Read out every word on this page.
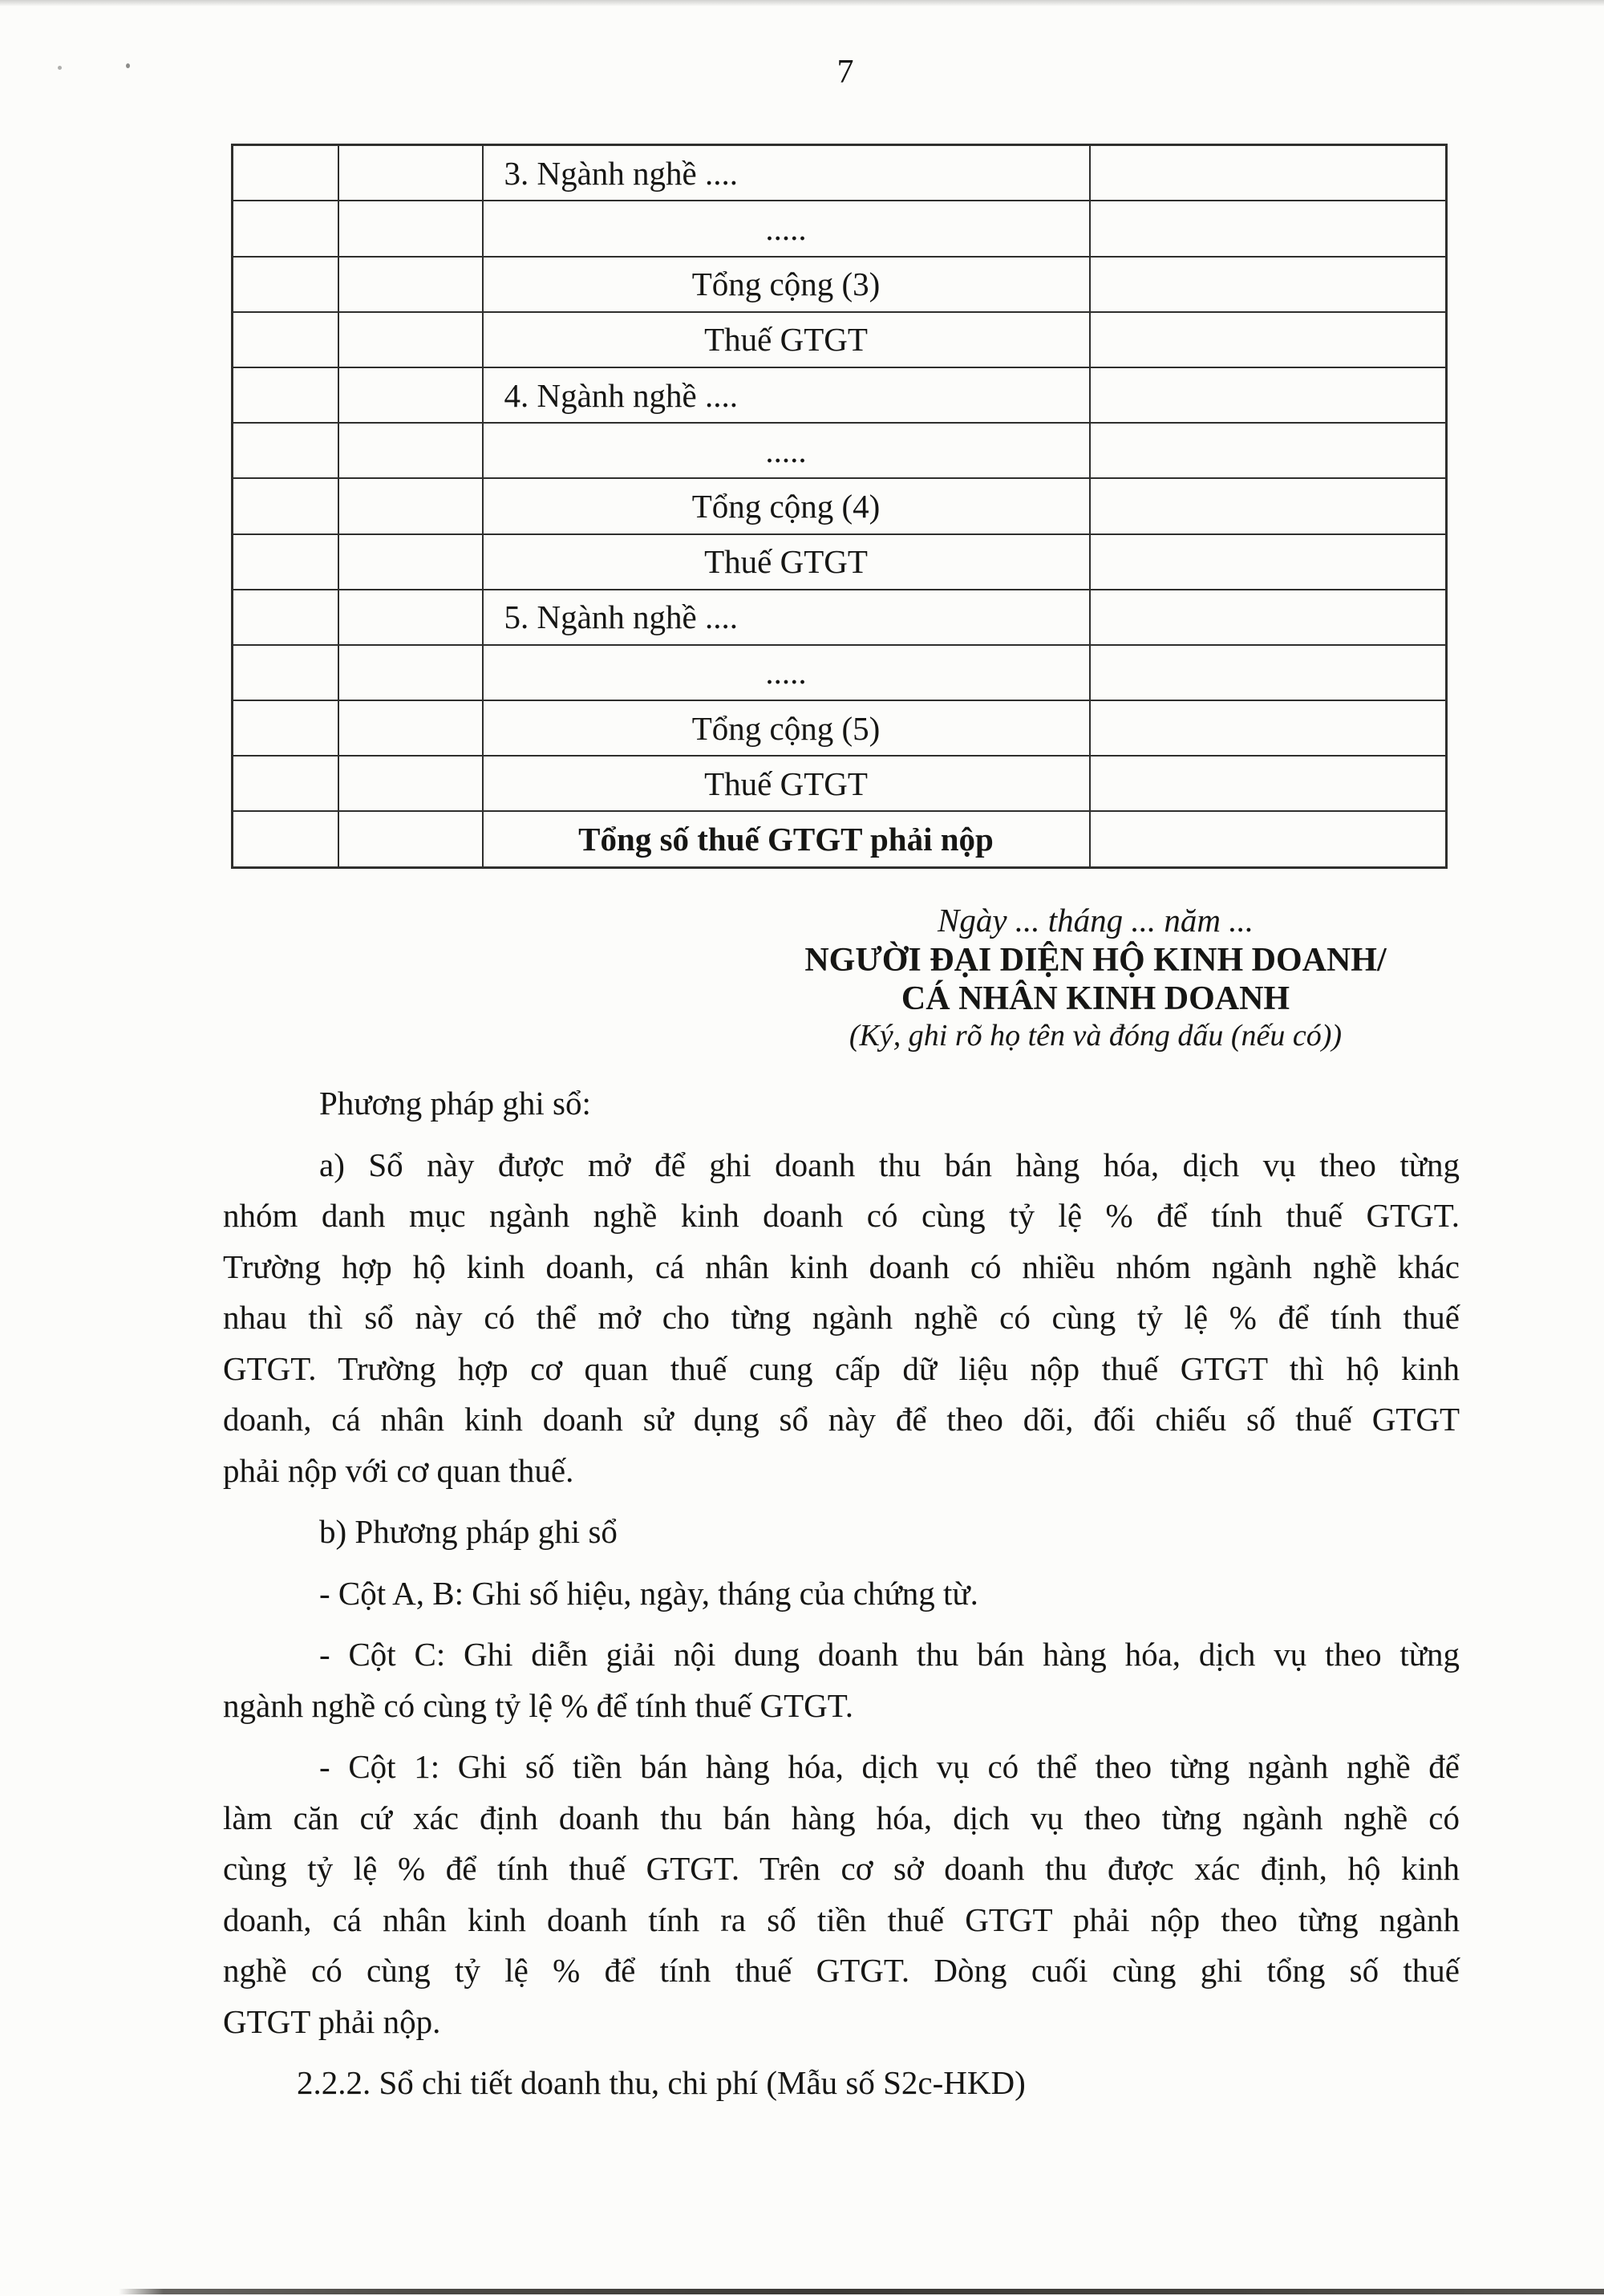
7
		3. Ngành nghề ....	
		.....	
		Tổng cộng (3)	
		Thuế GTGT	
		4. Ngành nghề ....	
		.....	
		Tổng cộng (4)	
		Thuế GTGT	
		5. Ngành nghề ....	
		.....	
		Tổng cộng (5)	
		Thuế GTGT	
		Tổng số thuế GTGT phải nộp	
Ngày ... tháng ... năm ...
NGƯỜI ĐẠI DIỆN HỘ KINH DOANH/
CÁ NHÂN KINH DOANH
(Ký, ghi rõ họ tên và đóng dấu (nếu có))
Phương pháp ghi sổ:
a) Sổ này được mở để ghi doanh thu bán hàng hóa, dịch vụ theo từng
nhóm danh mục ngành nghề kinh doanh có cùng tỷ lệ % để tính thuế GTGT.
Trường hợp hộ kinh doanh, cá nhân kinh doanh có nhiều nhóm ngành nghề khác
nhau thì sổ này có thể mở cho từng ngành nghề có cùng tỷ lệ % để tính thuế
GTGT. Trường hợp cơ quan thuế cung cấp dữ liệu nộp thuế GTGT thì hộ kinh
doanh, cá nhân kinh doanh sử dụng sổ này để theo dõi, đối chiếu số thuế GTGT
phải nộp với cơ quan thuế.
b) Phương pháp ghi sổ
- Cột A, B: Ghi số hiệu, ngày, tháng của chứng từ.
- Cột C: Ghi diễn giải nội dung doanh thu bán hàng hóa, dịch vụ theo từng
ngành nghề có cùng tỷ lệ % để tính thuế GTGT.
- Cột 1: Ghi số tiền bán hàng hóa, dịch vụ có thể theo từng ngành nghề để
làm căn cứ xác định doanh thu bán hàng hóa, dịch vụ theo từng ngành nghề có
cùng tỷ lệ % để tính thuế GTGT. Trên cơ sở doanh thu được xác định, hộ kinh
doanh, cá nhân kinh doanh tính ra số tiền thuế GTGT phải nộp theo từng ngành
nghề có cùng tỷ lệ % để tính thuế GTGT. Dòng cuối cùng ghi tổng số thuế
GTGT phải nộp.
2.2.2. Sổ chi tiết doanh thu, chi phí (Mẫu số S2c-HKD)
